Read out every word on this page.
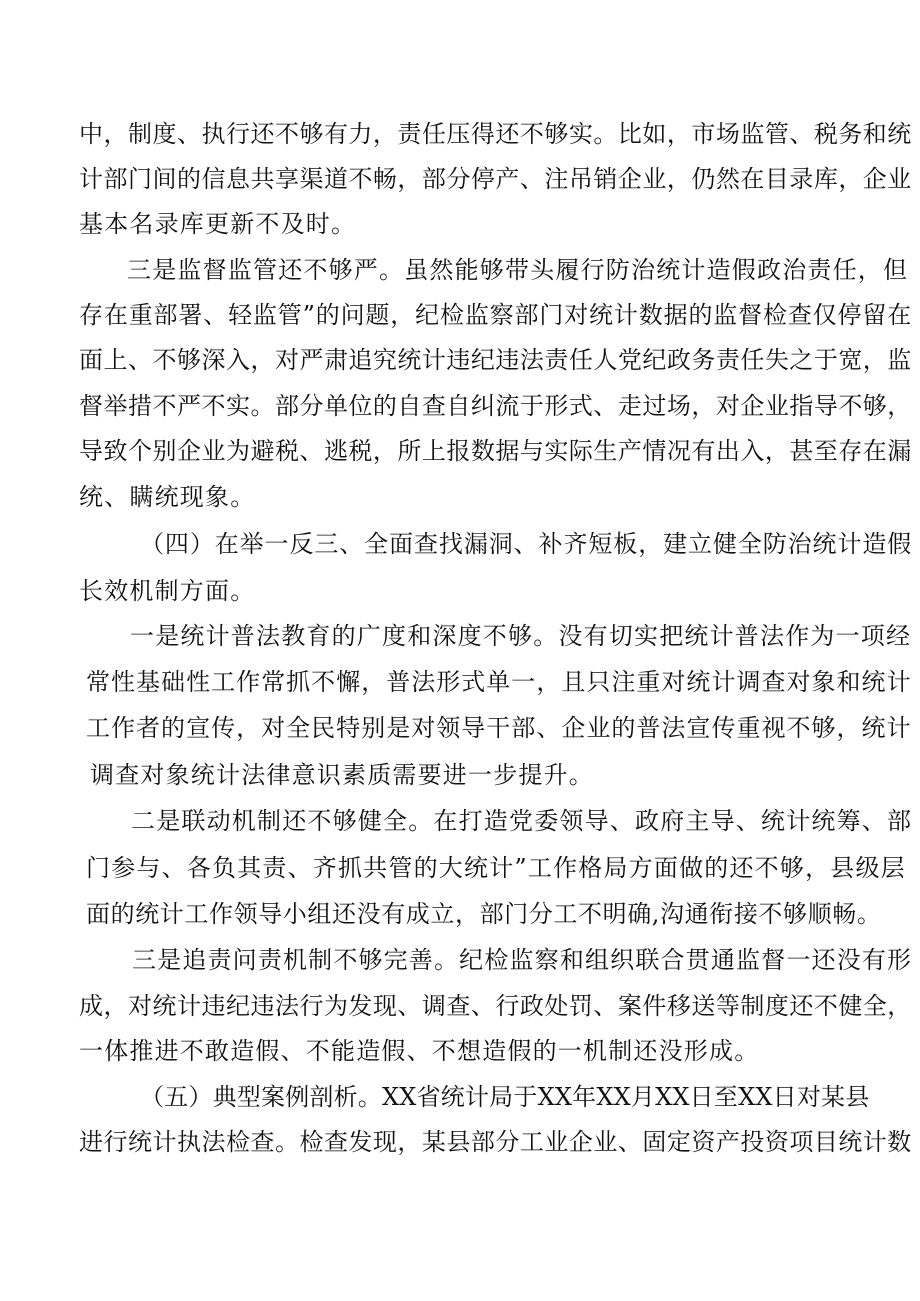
中，制度、执行还不够有力，责任压得还不够实。比如，市场监管、税务和统
计部门间的信息共享渠道不畅，部分停产、注吊销企业，仍然在目录库，企业
基本名录库更新不及时。
三是监督监管还不够严。虽然能够带头履行防治统计造假政治责任，但
存在重部署、轻监管”的问题，纪检监察部门对统计数据的监督检查仅停留在
面上、不够深入，对严肃追究统计违纪违法责任人党纪政务责任失之于宽，监
督举措不严不实。部分单位的自查自纠流于形式、走过场，对企业指导不够，
导致个别企业为避税、逃税，所上报数据与实际生产情况有出入，甚至存在漏
统、瞒统现象。
（四）在举一反三、全面查找漏洞、补齐短板，建立健全防治统计造假
长效机制方面。
一是统计普法教育的广度和深度不够。没有切实把统计普法作为一项经
常性基础性工作常抓不懈，普法形式单一，且只注重对统计调查对象和统计
工作者的宣传，对全民特别是对领导干部、企业的普法宣传重视不够，统计
调查对象统计法律意识素质需要进一步提升。
二是联动机制还不够健全。在打造党委领导、政府主导、统计统筹、部
门参与、各负其责、齐抓共管的大统计”工作格局方面做的还不够，县级层
面的统计工作领导小组还没有成立，部门分工不明确,沟通衔接不够顺畅。
三是追责问责机制不够完善。纪检监察和组织联合贯通监督一还没有形
成，对统计违纪违法行为发现、调查、行政处罚、案件移送等制度还不健全，
一体推进不敢造假、不能造假、不想造假的一机制还没形成。
（五）典型案例剖析。XX省统计局于XX年XX月XX日至XX日对某县
进行统计执法检查。检查发现，某县部分工业企业、固定资产投资项目统计数
